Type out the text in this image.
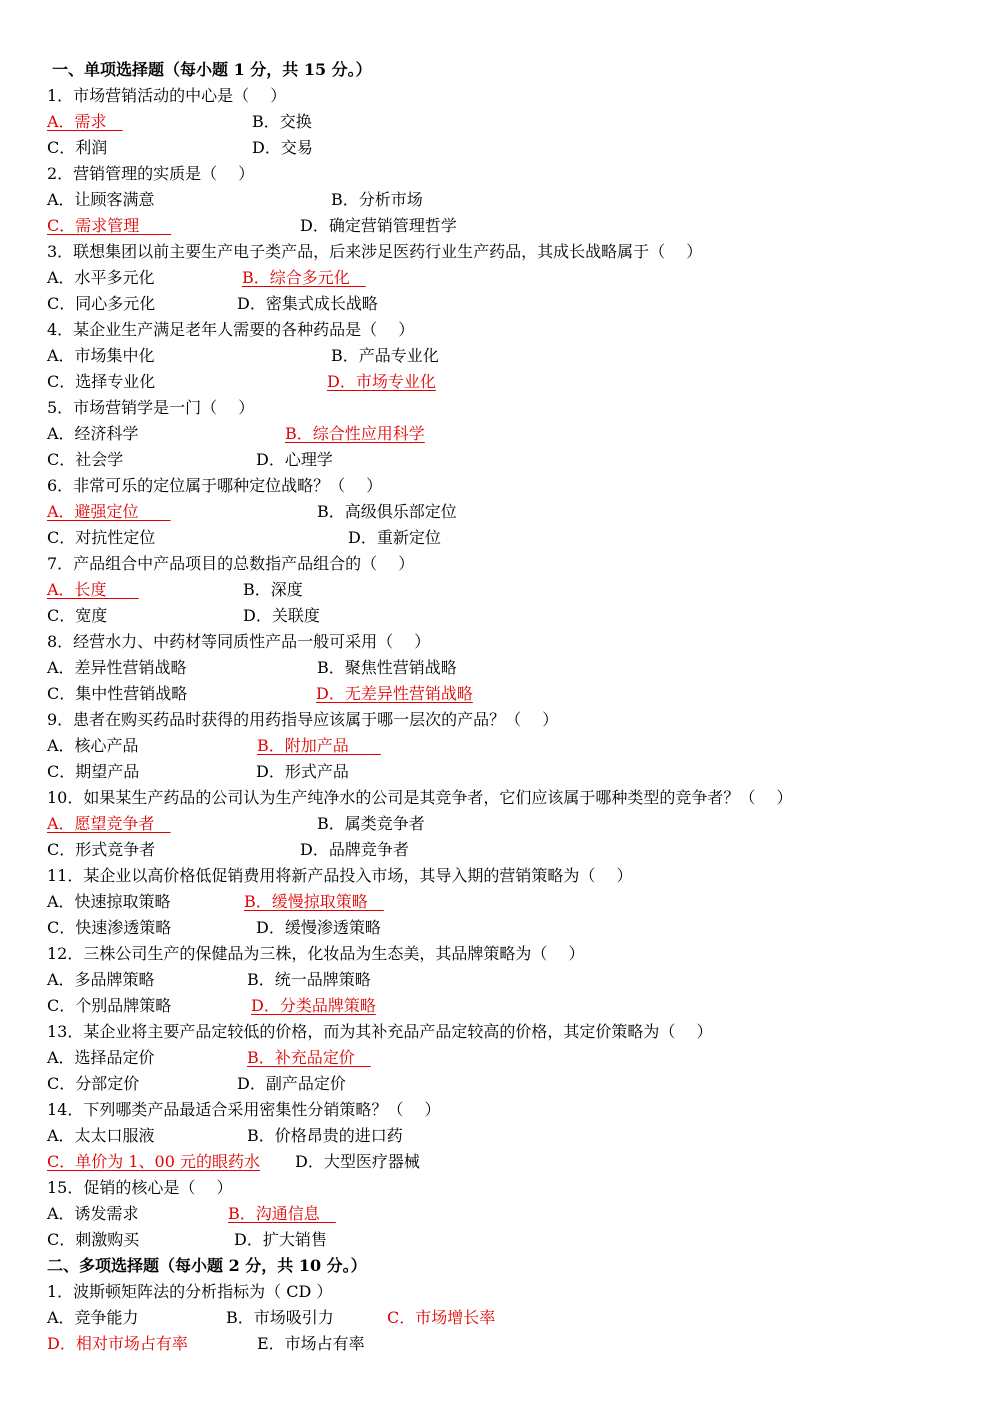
一、单项选择题（每小题 1 分，共 15 分。）
1．市场营销活动的中心是（　 ）
A．需求　	B．交换
C．利润	D．交易
2．营销管理的实质是（　 ）
A．让顾客满意	B．分析市场
C．需求管理　　	D．确定营销管理哲学
3．联想集团以前主要生产电子类产品，后来涉足医药行业生产药品，其成长战略属于（　 ）
A．水平多元化	B．综合多元化　
C．同心多元化	D．密集式成长战略
4．某企业生产满足老年人需要的各种药品是（　 ）
A．市场集中化	B．产品专业化
C．选择专业化	D．市场专业化
5．市场营销学是一门（　 ）
A．经济科学	B．综合性应用科学
C．社会学	D．心理学
6．非常可乐的定位属于哪种定位战略？（　 ）
A．避强定位　　	B．高级俱乐部定位
C．对抗性定位	D．重新定位
7．产品组合中产品项目的总数指产品组合的（　 ）
A．长度　　	B．深度
C．宽度	D．关联度
8．经营水力、中药材等同质性产品一般可采用（　 ）
A．差异性营销战略	B．聚焦性营销战略
C．集中性营销战略	D．无差异性营销战略
9．患者在购买药品时获得的用药指导应该属于哪一层次的产品？（　 ）
A．核心产品	B．附加产品　　
C．期望产品	D．形式产品
10．如果某生产药品的公司认为生产纯净水的公司是其竞争者，它们应该属于哪种类型的竞争者？（　 ）
A．愿望竞争者　	B．属类竞争者
C．形式竞争者	D．品牌竞争者
11．某企业以高价格低促销费用将新产品投入市场，其导入期的营销策略为（　 ）
A．快速掠取策略	B．缓慢掠取策略　
C．快速渗透策略	D．缓慢渗透策略
12．三株公司生产的保健品为三株，化妆品为生态美，其品牌策略为（　 ）
A．多品牌策略	B．统一品牌策略
C．个别品牌策略	D．分类品牌策略
13．某企业将主要产品定较低的价格，而为其补充品产品定较高的价格，其定价策略为（　 ）
A．选择品定价	B．补充品定价　
C．分部定价	D．副产品定价
14．下列哪类产品最适合采用密集性分销策略？（　 ）
A．太太口服液	B．价格昂贵的进口药
C．单价为 1、00 元的眼药水 D．大型医疗器械
15．促销的核心是（　 ）
A．诱发需求	B．沟通信息　
C．刺激购买	D．扩大销售
二、多项选择题（每小题 2 分，共 10 分。）
1．波斯顿矩阵法的分析指标为（ CD ）
A．竞争能力	B．市场吸引力	C．市场增长率
D．相对市场占有率	E．市场占有率
